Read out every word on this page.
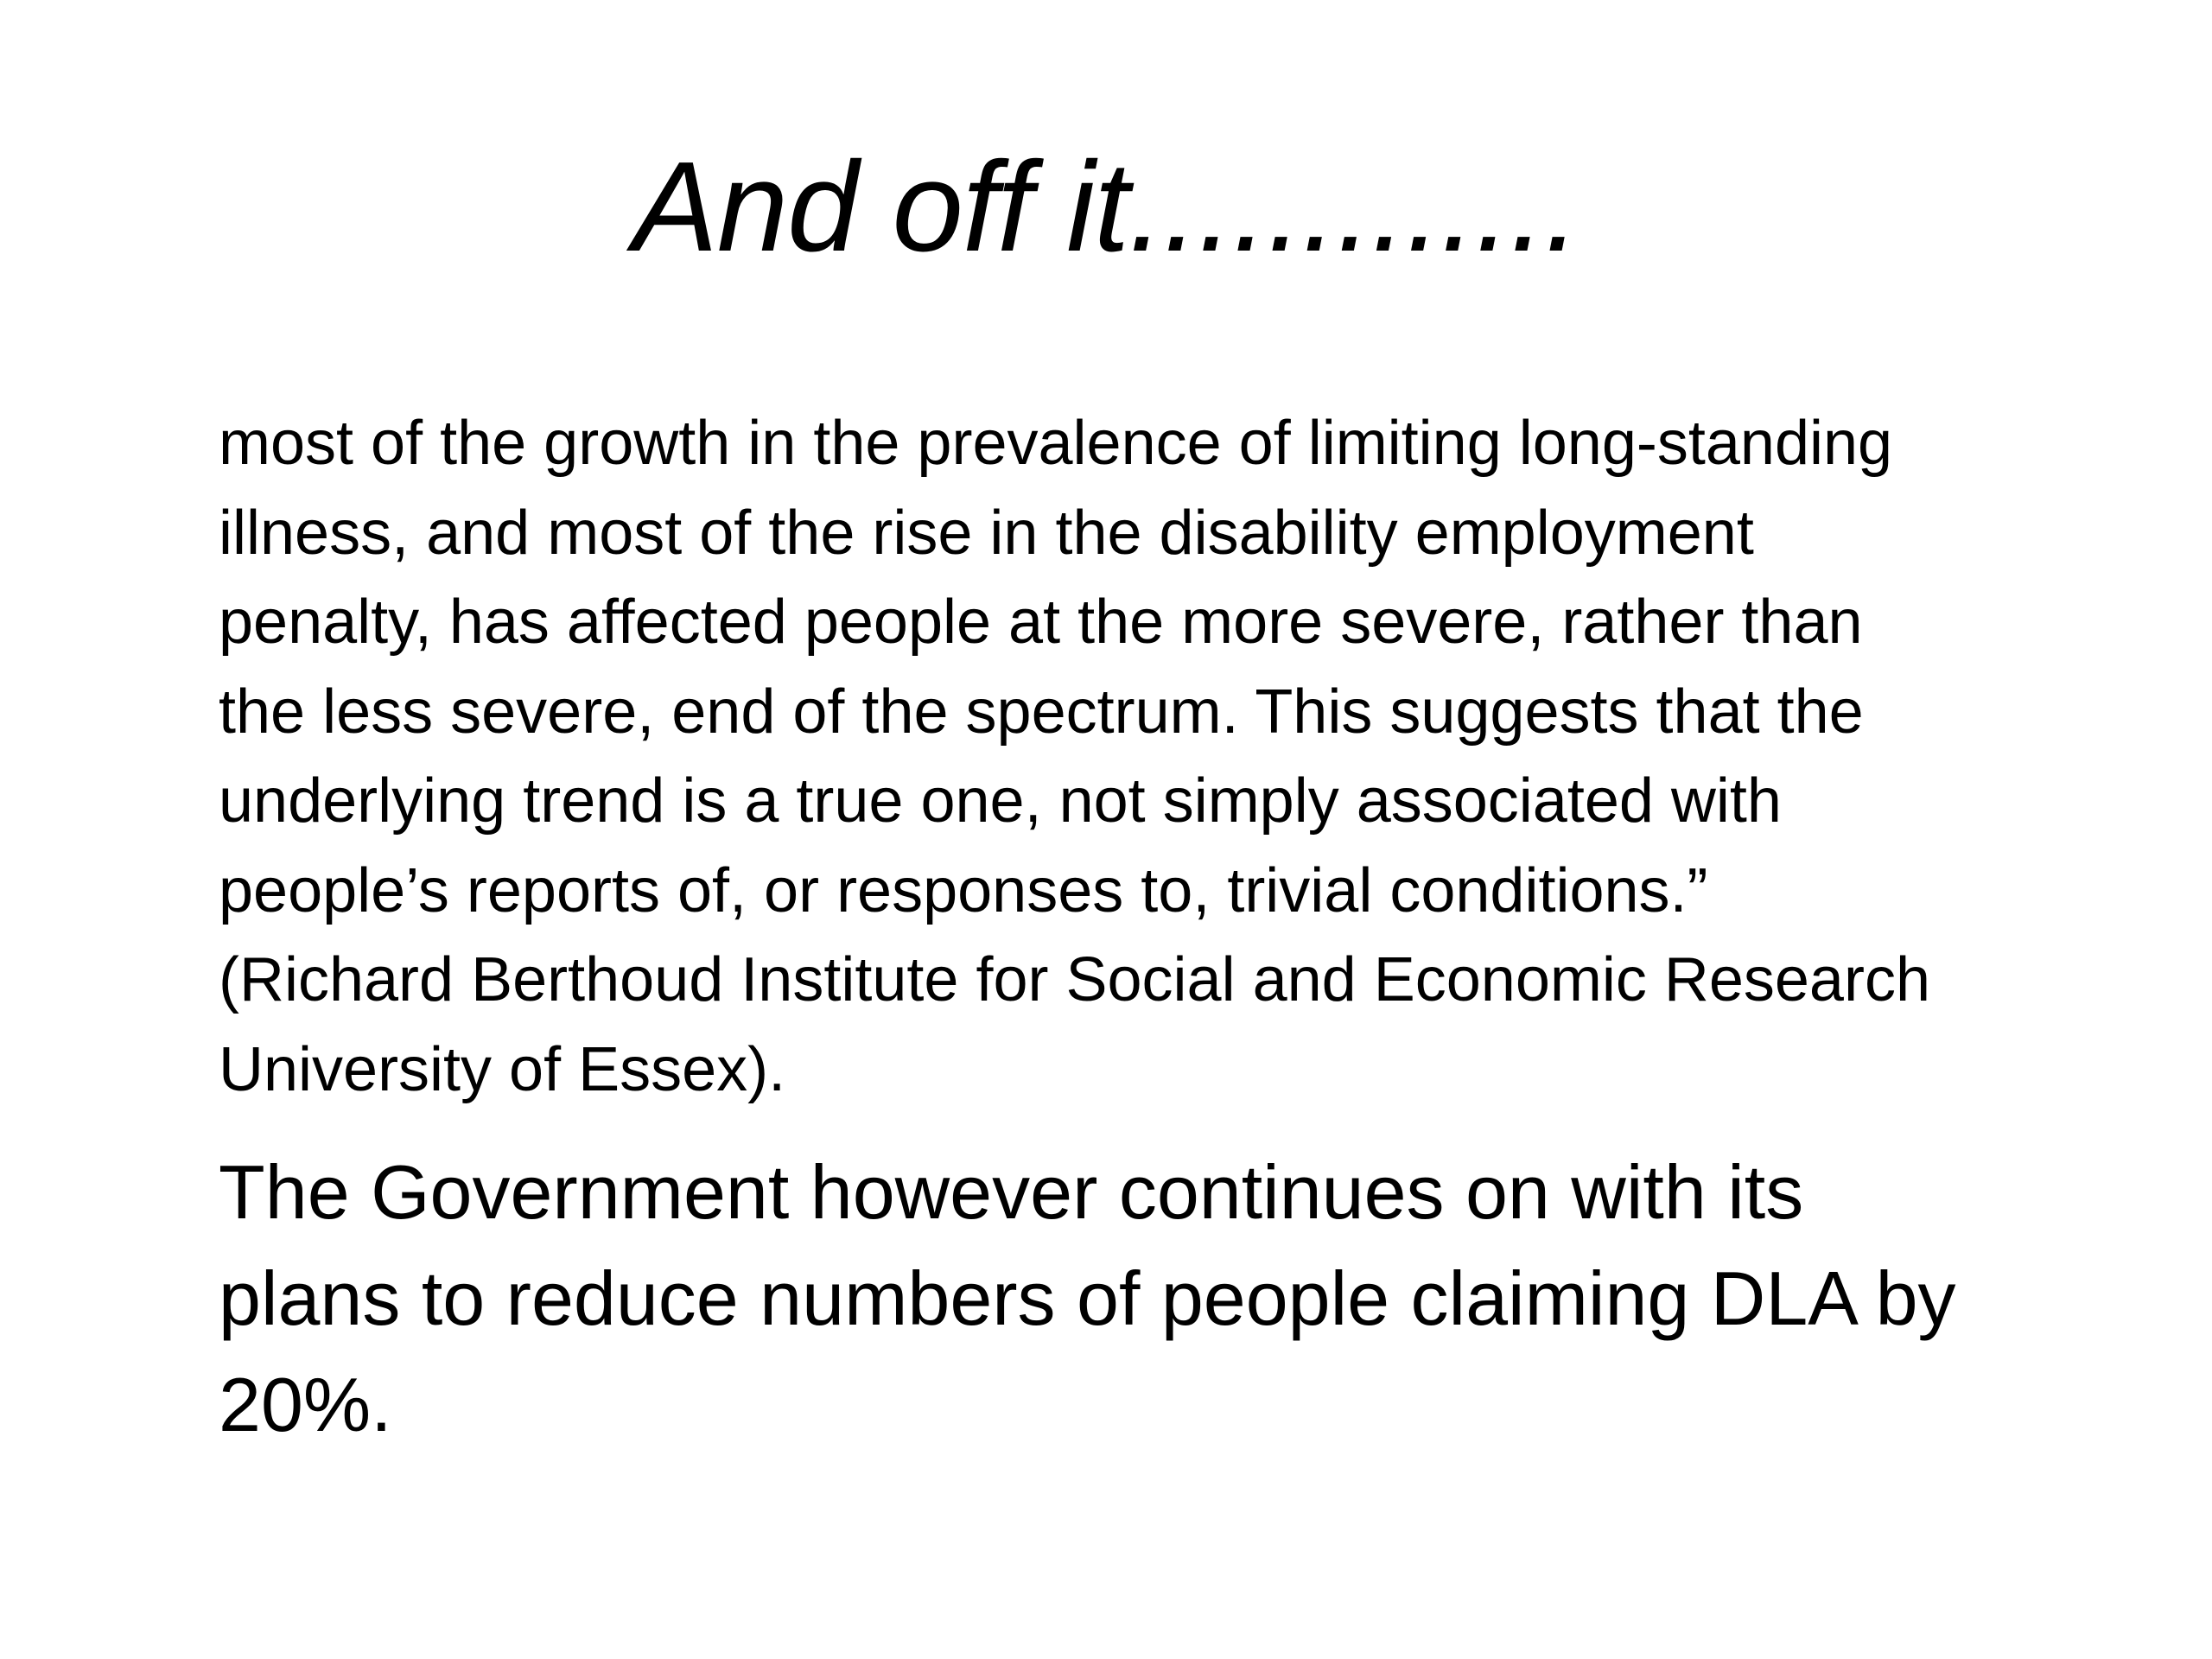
And off it.............
most of the growth in the prevalence of limiting long-standing
illness, and most of the rise in the disability employment
penalty, has affected people at the more severe, rather than
the less severe, end of the spectrum. This suggests that the
underlying trend is a true one, not simply associated with
people’s reports of, or responses to, trivial conditions.”
(Richard Berthoud Institute for Social and Economic Research
University of Essex).
The Government however continues on with its
plans to reduce numbers of people claiming DLA by
20%.
